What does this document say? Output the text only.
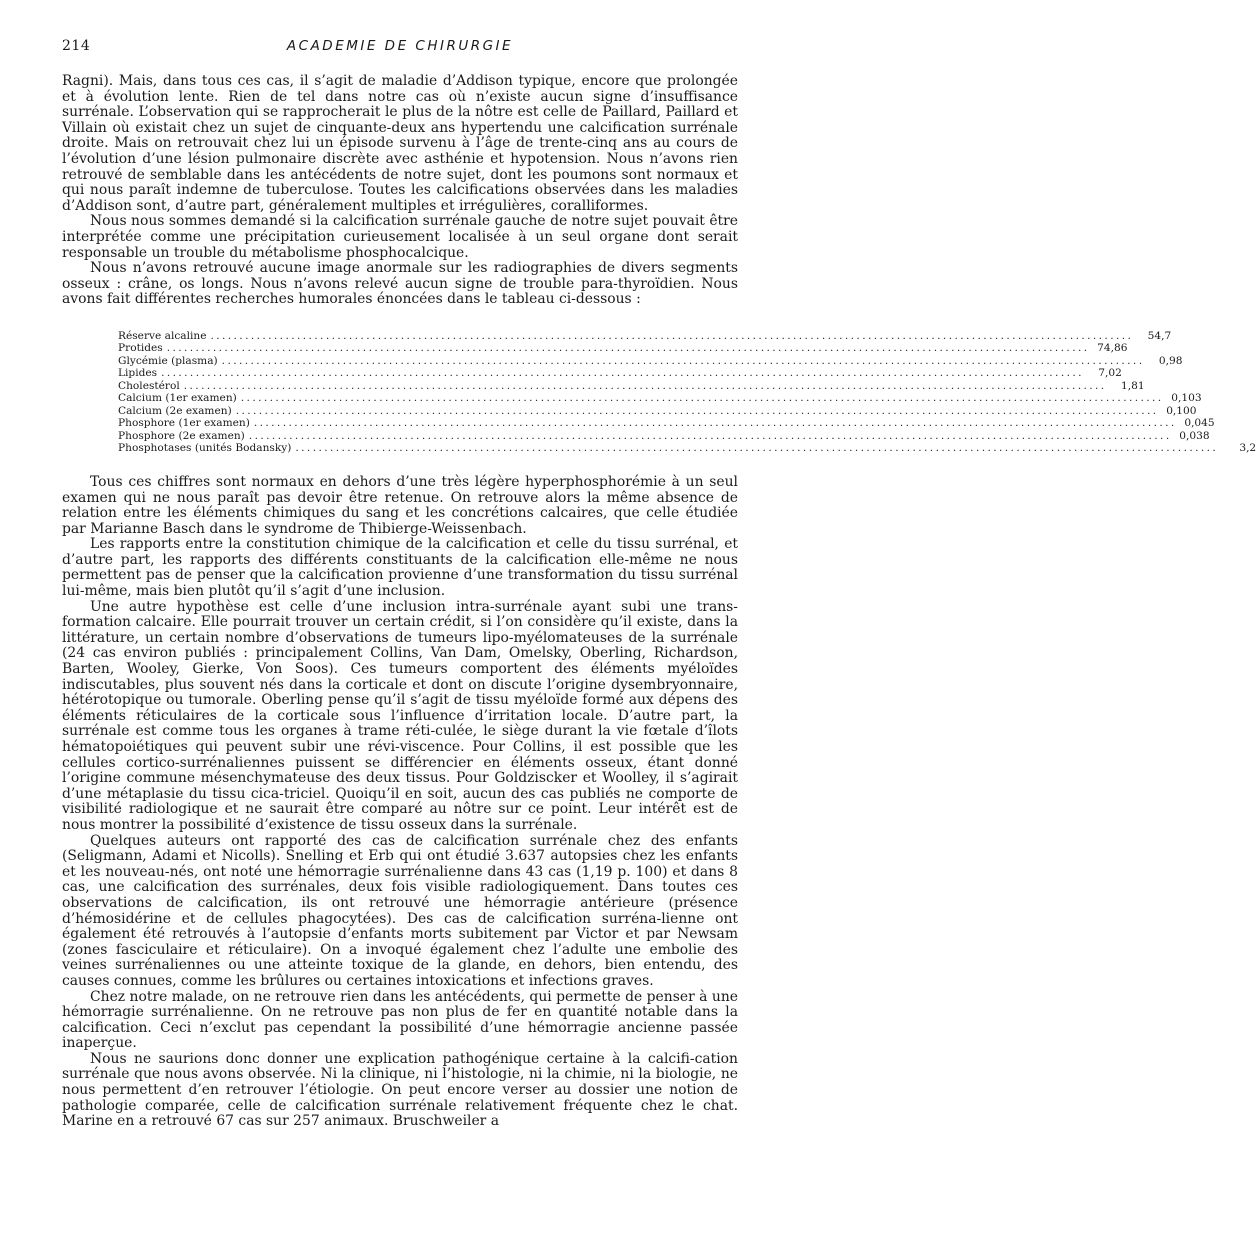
214	ACADEMIE DE CHIRURGIE

Ragni). Mais, dans tous ces cas, il s’agit de maladie d’Addison typique, encore que prolongée et à évolution lente. Rien de tel dans notre cas où n’existe aucun signe d’insuffisance surrénale. L’observation qui se rapprocherait le plus de la nôtre est celle de Paillard, Paillard et Villain où existait chez un sujet de cinquante-deux ans hypertendu une calcification surrénale droite. Mais on retrouvait chez lui un épisode survenu à l’âge de trente-cinq ans au cours de l’évolution d’une lésion pulmonaire discrète avec asthénie et hypotension. Nous n’avons rien retrouvé de semblable dans les antécédents de notre sujet, dont les poumons sont normaux et qui nous paraît indemne de tuberculose. Toutes les calcifications observées dans les maladies d’Addison sont, d’autre part, généralement multiples et irrégulières, coralliformes.

Nous nous sommes demandé si la calcification surrénale gauche de notre sujet pouvait être interprétée comme une précipitation curieusement localisée à un seul organe dont serait responsable un trouble du métabolisme phosphocalcique.

Nous n’avons retrouvé aucune image anormale sur les radiographies de divers segments osseux : crâne, os longs. Nous n’avons relevé aucun signe de trouble para-thyroïdien. Nous avons fait différentes recherches humorales énoncées dans le tableau ci-dessous :

Réserve alcaline ................................................................................................................................................................	54,7
Protides ................................................................................................................................................................ 74,86
Glycémie (plasma) ................................................................................................................................................................	0,98
Lipides ................................................................................................................................................................	7,02
Cholestérol ................................................................................................................................................................	1,81
Calcium (1er examen) ................................................................................................................................................................ 0,103
Calcium (2e examen) ................................................................................................................................................................ 0,100
Phosphore (1er examen) ................................................................................................................................................................ 0,045
Phosphore (2e examen) ................................................................................................................................................................ 0,038
Phosphotases (unités Bodansky) ................................................................................................................................................................	3,2

Tous ces chiffres sont normaux en dehors d’une très légère hyperphosphorémie à un seul examen qui ne nous paraît pas devoir être retenue. On retrouve alors la même absence de relation entre les éléments chimiques du sang et les concrétions calcaires, que celle étudiée par Marianne Basch dans le syndrome de Thibierge-Weissenbach.

Les rapports entre la constitution chimique de la calcification et celle du tissu surrénal, et d’autre part, les rapports des différents constituants de la calcification elle-même ne nous permettent pas de penser que la calcification provienne d’une transformation du tissu surrénal lui-même, mais bien plutôt qu’il s’agit d’une inclusion.

Une autre hypothèse est celle d’une inclusion intra-surrénale ayant subi une trans-formation calcaire. Elle pourrait trouver un certain crédit, si l’on considère qu’il existe, dans la littérature, un certain nombre d’observations de tumeurs lipo-myélomateuses de la surrénale (24 cas environ publiés : principalement Collins, Van Dam, Omelsky, Oberling, Richardson, Barten, Wooley, Gierke, Von Soos). Ces tumeurs comportent des éléments myéloïdes indiscutables, plus souvent nés dans la corticale et dont on discute l’origine dysembryonnaire, hétérotopique ou tumorale. Oberling pense qu’il s’agit de tissu myéloïde formé aux dépens des éléments réticulaires de la corticale sous l’influence d’irritation locale. D’autre part, la surrénale est comme tous les organes à trame réti-culée, le siège durant la vie fœtale d’îlots hématopoiétiques qui peuvent subir une révi-viscence. Pour Collins, il est possible que les cellules cortico-surrénaliennes puissent se différencier en éléments osseux, étant donné l’origine commune mésenchymateuse des deux tissus. Pour Goldziscker et Woolley, il s’agirait d’une métaplasie du tissu cica-triciel. Quoiqu’il en soit, aucun des cas publiés ne comporte de visibilité radiologique et ne saurait être comparé au nôtre sur ce point. Leur intérêt est de nous montrer la possibilité d’existence de tissu osseux dans la surrénale.

Quelques auteurs ont rapporté des cas de calcification surrénale chez des enfants (Seligmann, Adami et Nicolls). Snelling et Erb qui ont étudié 3.637 autopsies chez les enfants et les nouveau-nés, ont noté une hémorragie surrénalienne dans 43 cas (1,19 p. 100) et dans 8 cas, une calcification des surrénales, deux fois visible radiologiquement. Dans toutes ces observations de calcification, ils ont retrouvé une hémorragie antérieure (présence d’hémosidérine et de cellules phagocytées). Des cas de calcification surréna-lienne ont également été retrouvés à l’autopsie d’enfants morts subitement par Victor et par Newsam (zones fasciculaire et réticulaire). On a invoqué également chez l’adulte une embolie des veines surrénaliennes ou une atteinte toxique de la glande, en dehors, bien entendu, des causes connues, comme les brûlures ou certaines intoxications et infections graves.

Chez notre malade, on ne retrouve rien dans les antécédents, qui permette de penser à une hémorragie surrénalienne. On ne retrouve pas non plus de fer en quantité notable dans la calcification. Ceci n’exclut pas cependant la possibilité d’une hémorragie ancienne passée inaperçue.

Nous ne saurions donc donner une explication pathogénique certaine à la calcifi-cation surrénale que nous avons observée. Ni la clinique, ni l’histologie, ni la chimie, ni la biologie, ne nous permettent d’en retrouver l’étiologie. On peut encore verser au dossier une notion de pathologie comparée, celle de calcification surrénale relativement fréquente chez le chat. Marine en a retrouvé 67 cas sur 257 animaux. Bruschweiler a
